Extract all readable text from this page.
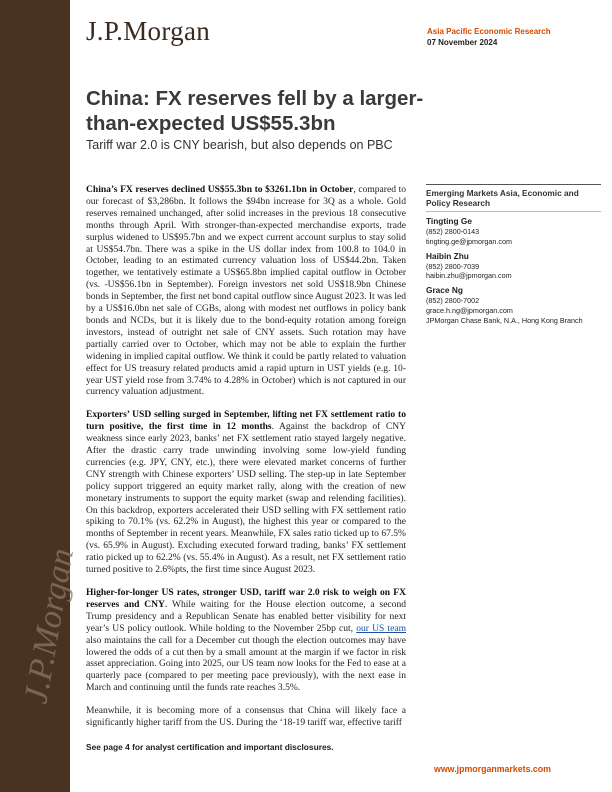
J.P.Morgan
J.P.Morgan	Asia Pacific Economic Research
07 November 2024
China: FX reserves fell by a larger-than-expected US$55.3bn
Tariff war 2.0 is CNY bearish, but also depends on PBC

China’s FX reserves declined US$55.3bn to $3261.1bn in October, compared to our forecast of $3,286bn. It follows the $94bn increase for 3Q as a whole. Gold reserves remained unchanged, after solid increases in the previous 18 consecutive months through April. With stronger-than-expected merchandise exports, trade surplus widened to US$95.7bn and we expect current account surplus to stay solid at US$54.7bn. There was a spike in the US dollar index from 100.8 to 104.0 in October, leading to an estimated currency valuation loss of US$44.2bn. Taken together, we tentatively estimate a US$65.8bn implied capital outflow in October (vs. -US$56.1bn in September). Foreign investors net sold US$18.9bn Chinese bonds in September, the first net bond capital outflow since August 2023. It was led by a US$16.0bn net sale of CGBs, along with modest net outflows in policy bank bonds and NCDs, but it is likely due to the bond-equity rotation among foreign investors, instead of outright net sale of CNY assets. Such rotation may have partially carried over to October, which may not be able to explain the further widening in implied capital outflow. We think it could be partly related to valuation effect for US treasury related products amid a rapid upturn in UST yields (e.g. 10-year UST yield rose from 3.74% to 4.28% in October) which is not captured in our currency valuation adjustment.

Exporters’ USD selling surged in September, lifting net FX settlement ratio to turn positive, the first time in 12 months. Against the backdrop of CNY weakness since early 2023, banks’ net FX settlement ratio stayed largely negative. After the drastic carry trade unwinding involving some low-yield funding currencies (e.g. JPY, CNY, etc.), there were elevated market concerns of further CNY strength with Chinese exporters’ USD selling. The step-up in late September policy support triggered an equity market rally, along with the creation of new monetary instruments to support the equity market (swap and relending facilities). On this backdrop, exporters accelerated their USD selling with FX settlement ratio spiking to 70.1% (vs. 62.2% in August), the highest this year or compared to the months of September in recent years. Meanwhile, FX sales ratio ticked up to 67.5% (vs. 65.9% in August). Excluding executed forward trading, banks’ FX settlement ratio picked up to 62.2% (vs. 55.4% in August). As a result, net FX settlement ratio turned positive to 2.6%pts, the first time since August 2023.

Higher-for-longer US rates, stronger USD, tariff war 2.0 risk to weigh on FX reserves and CNY. While waiting for the House election outcome, a second Trump presidency and a Republican Senate has enabled better visibility for next year’s US policy outlook. While holding to the November 25bp cut, our US team also maintains the call for a December cut though the election outcomes may have lowered the odds of a cut then by a small amount at the margin if we factor in risk asset appreciation. Going into 2025, our US team now looks for the Fed to ease at a quarterly pace (compared to per meeting pace previously), with the next ease in March and continuing until the funds rate reaches 3.5%.

Meanwhile, it is becoming more of a consensus that China will likely face a significantly higher tariff from the US. During the ‘18-19 tariff war, effective tariff

Emerging Markets Asia, Economic and Policy Research
Tingting Ge
(852) 2800-0143
tingting.ge@jpmorgan.com
Haibin Zhu
(852) 2800-7039
haibin.zhu@jpmorgan.com
Grace Ng
(852) 2800-7002
grace.h.ng@jpmorgan.com
JPMorgan Chase Bank, N.A., Hong Kong Branch
See page 4 for analyst certification and important disclosures.
www.jpmorganmarkets.com
